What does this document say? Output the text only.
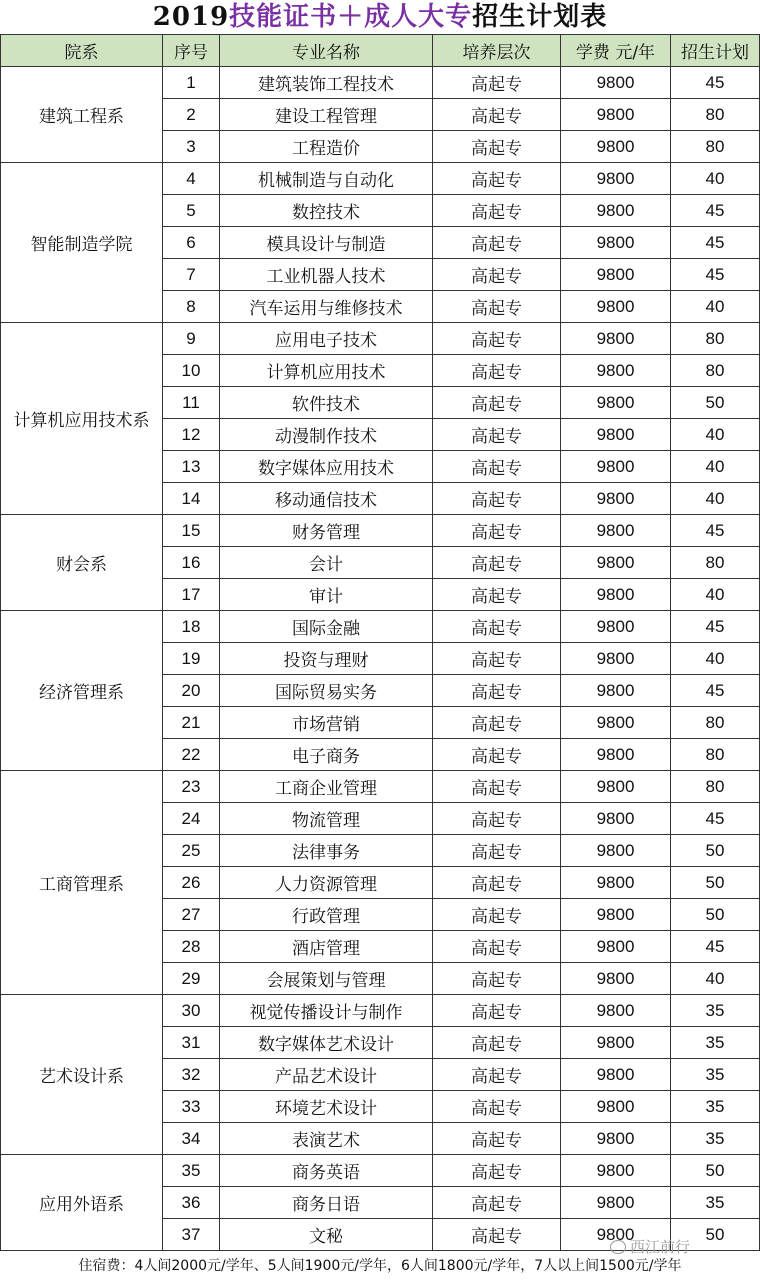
2019技能证书＋成人大专招生计划表
院系	序号	专业名称	培养层次	学费 元/年	招生计划
建筑工程系	1	建筑装饰工程技术	高起专	9800	45
	2	建设工程管理	高起专	9800	80
	3	工程造价	高起专	9800	80
智能制造学院	4	机械制造与自动化	高起专	9800	40
	5	数控技术	高起专	9800	45
	6	模具设计与制造	高起专	9800	45
	7	工业机器人技术	高起专	9800	45
	8	汽车运用与维修技术	高起专	9800	40
计算机应用技术系	9	应用电子技术	高起专	9800	80
	10	计算机应用技术	高起专	9800	80
	11	软件技术	高起专	9800	50
	12	动漫制作技术	高起专	9800	40
	13	数字媒体应用技术	高起专	9800	40
	14	移动通信技术	高起专	9800	40
财会系	15	财务管理	高起专	9800	45
	16	会计	高起专	9800	80
	17	审计	高起专	9800	40
经济管理系	18	国际金融	高起专	9800	45
	19	投资与理财	高起专	9800	40
	20	国际贸易实务	高起专	9800	45
	21	市场营销	高起专	9800	80
	22	电子商务	高起专	9800	80
工商管理系	23	工商企业管理	高起专	9800	80
	24	物流管理	高起专	9800	45
	25	法律事务	高起专	9800	50
	26	人力资源管理	高起专	9800	50
	27	行政管理	高起专	9800	50
	28	酒店管理	高起专	9800	45
	29	会展策划与管理	高起专	9800	40
艺术设计系	30	视觉传播设计与制作	高起专	9800	35
	31	数字媒体艺术设计	高起专	9800	35
	32	产品艺术设计	高起专	9800	35
	33	环境艺术设计	高起专	9800	35
	34	表演艺术	高起专	9800	35
应用外语系	35	商务英语	高起专	9800	50
	36	商务日语	高起专	9800	35
	37	文秘	高起专	9800	50
住宿费：4人间2000元/学年、5人间1900元/学年，6人间1800元/学年，7人以上间1500元/学年
西江前行
